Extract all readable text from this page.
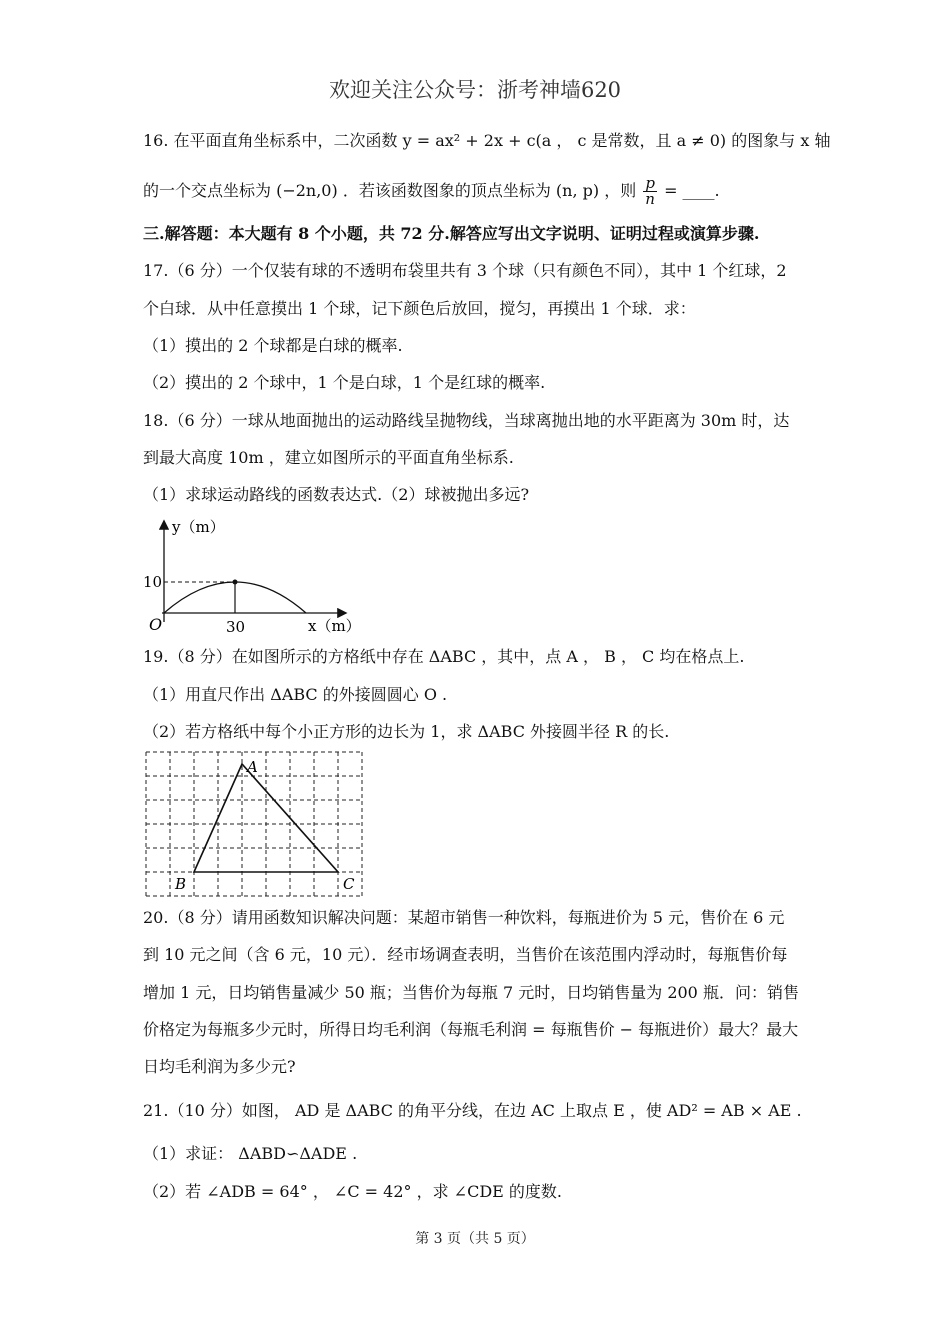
欢迎关注公众号：浙考神墙620
16. 在平面直角坐标系中，二次函数 y = ax² + 2x + c(a ， c 是常数，且 a ≠ 0) 的图象与 x 轴
的一个交点坐标为 (−2n,0) ．若该函数图象的顶点坐标为 (n, p) ，则 $\frac{p}{n}$ = ____.
三.解答题：本大题有 8 个小题，共 72 分.解答应写出文字说明、证明过程或演算步骤.
17.（6 分）一个仅装有球的不透明布袋里共有 3 个球（只有颜色不同），其中 1 个红球，2
个白球．从中任意摸出 1 个球，记下颜色后放回，搅匀，再摸出 1 个球．求：
（1）摸出的 2 个球都是白球的概率.
（2）摸出的 2 个球中，1 个是白球，1 个是红球的概率.
18.（6 分）一球从地面抛出的运动路线呈抛物线，当球离抛出地的水平距离为 30m 时，达
到最大高度 10m ，建立如图所示的平面直角坐标系.
（1）求球运动路线的函数表达式.（2）球被抛出多远?
y（m）
x（m）
O
10
30
19.（8 分）在如图所示的方格纸中存在 ΔABC ，其中，点 A ， B ， C 均在格点上.
（1）用直尺作出 ΔABC 的外接圆圆心 O .
（2）若方格纸中每个小正方形的边长为 1，求 ΔABC 外接圆半径 R 的长.
A
B	C
20.（8 分）请用函数知识解决问题：某超市销售一种饮料，每瓶进价为 5 元，售价在 6 元
到 10 元之间（含 6 元，10 元）．经市场调查表明，当售价在该范围内浮动时，每瓶售价每
增加 1 元，日均销售量减少 50 瓶；当售价为每瓶 7 元时，日均销售量为 200 瓶．问：销售
价格定为每瓶多少元时，所得日均毛利润（每瓶毛利润 = 每瓶售价 − 每瓶进价）最大？最大
日均毛利润为多少元?
21.（10 分）如图， AD 是 ΔABC 的角平分线，在边 AC 上取点 E ，使 AD² = AB × AE .
（1）求证： ΔABD∽ΔADE .
（2）若 ∠ADB = 64° ， ∠C = 42° ，求 ∠CDE 的度数.
第 3 页（共 5 页）
